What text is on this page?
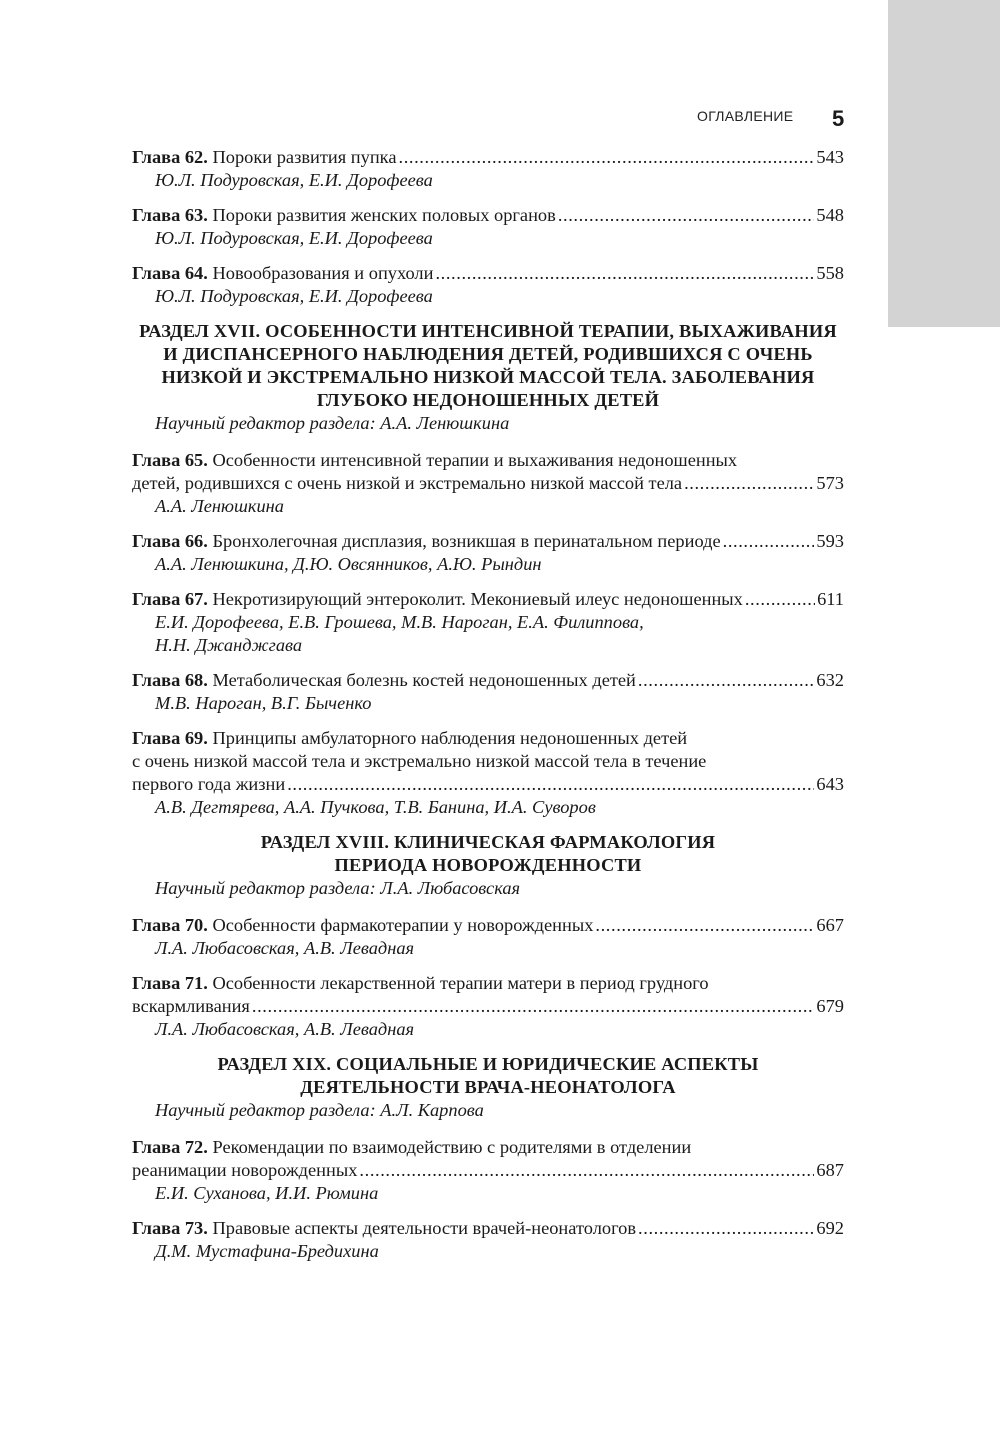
ОГЛАВЛЕНИЕ 5
Глава 62. Пороки развития пупка .....	543
Ю.Л. Подуровская, Е.И. Дорофеева
Глава 63. Пороки развития женских половых органов .....	548
Ю.Л. Подуровская, Е.И. Дорофеева
Глава 64. Новообразования и опухоли .....	558
Ю.Л. Подуровская, Е.И. Дорофеева
РАЗДЕЛ XVII. ОСОБЕННОСТИ ИНТЕНСИВНОЙ ТЕРАПИИ, ВЫХАЖИВАНИЯ
И ДИСПАНСЕРНОГО НАБЛЮДЕНИЯ ДЕТЕЙ, РОДИВШИХСЯ С ОЧЕНЬ
НИЗКОЙ И ЭКСТРЕМАЛЬНО НИЗКОЙ МАССОЙ ТЕЛА. ЗАБОЛЕВАНИЯ
ГЛУБОКО НЕДОНОШЕННЫХ ДЕТЕЙ
Научный редактор раздела: А.А. Ленюшкина
Глава 65. Особенности интенсивной терапии и выхаживания недоношенных
детей, родившихся с очень низкой и экстремально низкой массой тела .....	573
А.А. Ленюшкина
Глава 66. Бронхолегочная дисплазия, возникшая в перинатальном периоде .....	593
А.А. Ленюшкина, Д.Ю. Овсянников, А.Ю. Рындин
Глава 67. Некротизирующий энтероколит. Мекониевый илеус недоношенных .....	611
Е.И. Дорофеева, Е.В. Грошева, М.В. Нароган, Е.А. Филиппова,
Н.Н. Джанджгава
Глава 68. Метаболическая болезнь костей недоношенных детей .....	632
М.В. Нароган, В.Г. Быченко
Глава 69. Принципы амбулаторного наблюдения недоношенных детей
с очень низкой массой тела и экстремально низкой массой тела в течение
первого года жизни .....	643
А.В. Дегтярева, А.А. Пучкова, Т.В. Банина, И.А. Суворов
РАЗДЕЛ XVIII. КЛИНИЧЕСКАЯ ФАРМАКОЛОГИЯ
ПЕРИОДА НОВОРОЖДЕННОСТИ
Научный редактор раздела: Л.А. Любасовская
Глава 70. Особенности фармакотерапии у новорожденных .....	667
Л.А. Любасовская, А.В. Левадная
Глава 71. Особенности лекарственной терапии матери в период грудного
вскармливания .....	679
Л.А. Любасовская, А.В. Левадная
РАЗДЕЛ XIX. СОЦИАЛЬНЫЕ И ЮРИДИЧЕСКИЕ АСПЕКТЫ
ДЕЯТЕЛЬНОСТИ ВРАЧА-НЕОНАТОЛОГА
Научный редактор раздела: А.Л. Карпова
Глава 72. Рекомендации по взаимодействию с родителями в отделении
реанимации новорожденных .....	687
Е.И. Суханова, И.И. Рюмина
Глава 73. Правовые аспекты деятельности врачей-неонатологов .....	692
Д.М. Мустафина-Бредихина
